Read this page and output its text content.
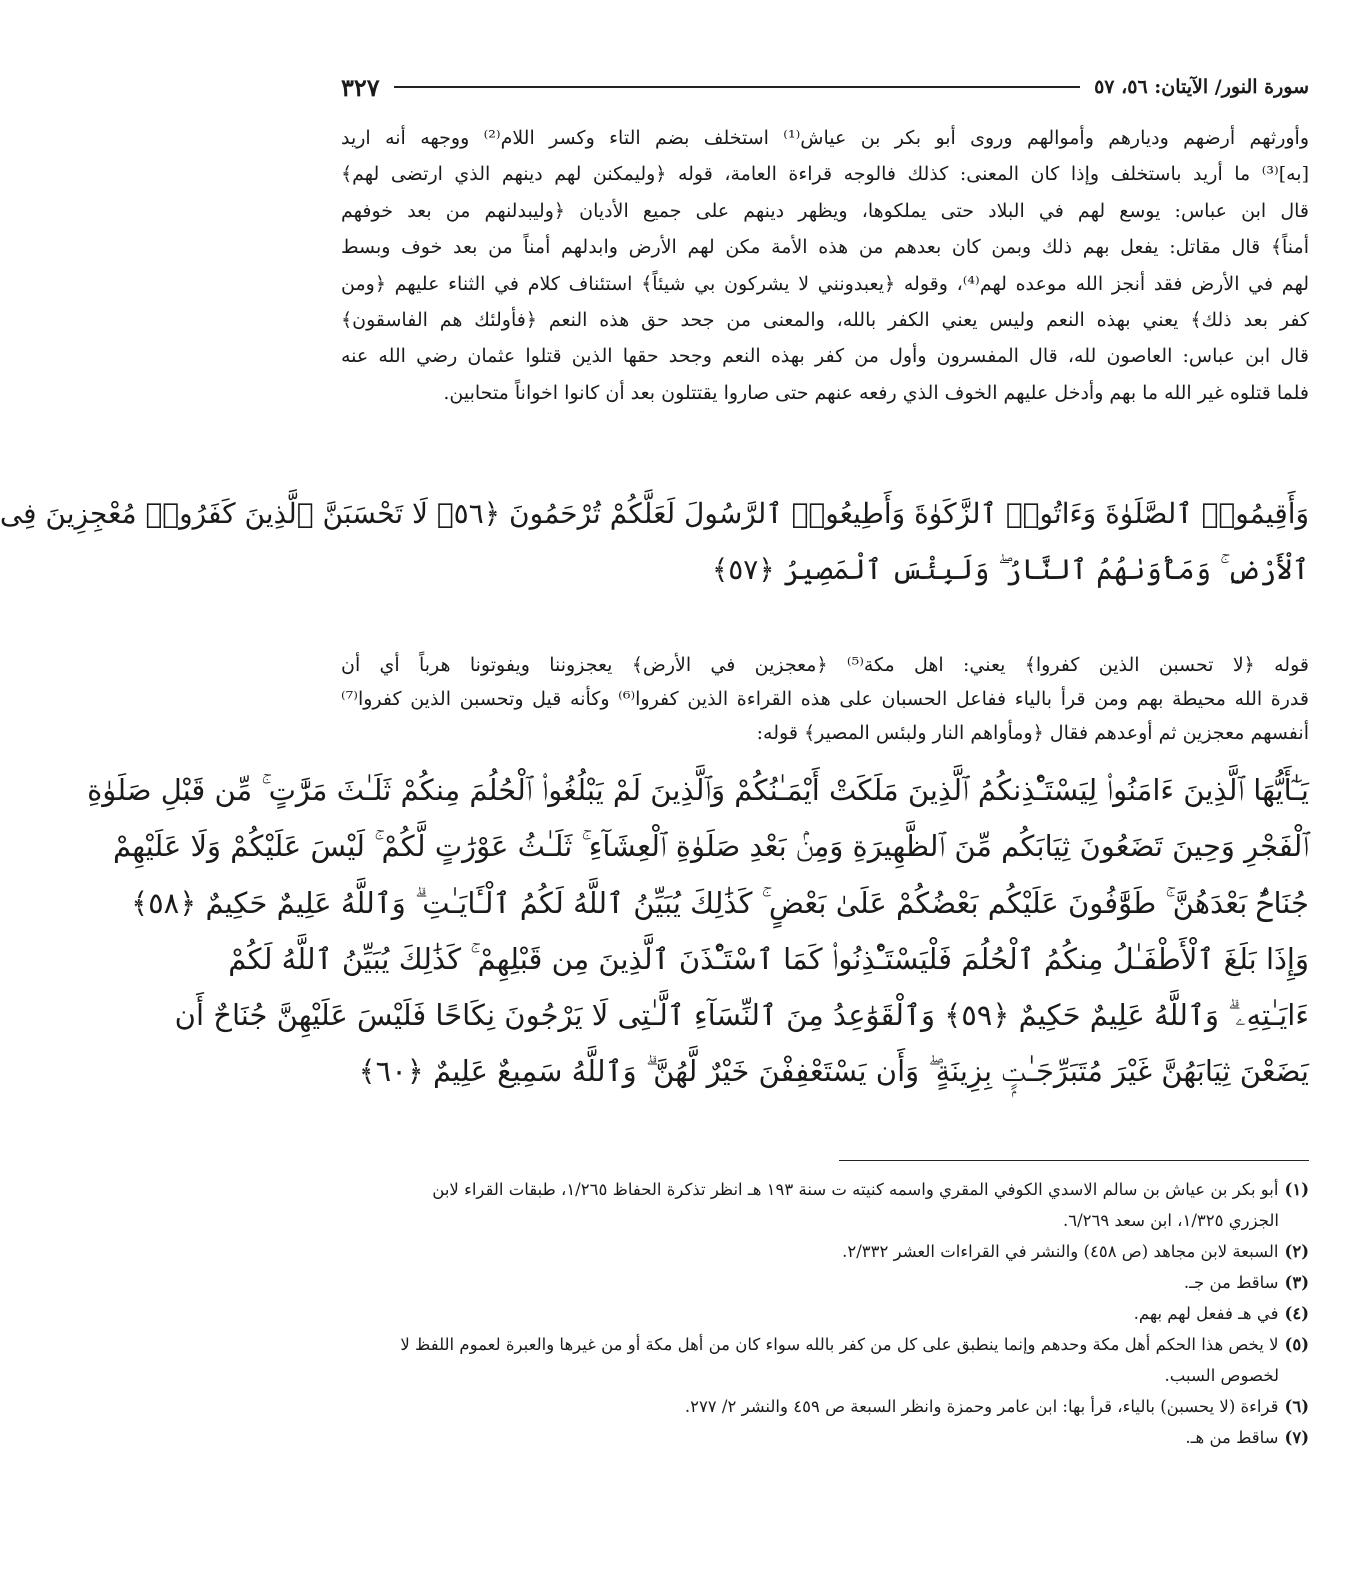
سورة النور/ الآيتان: ٥٦، ٥٧
٣٢٧
وأورثهم أرضهم وديارهم وأموالهم وروى أبو بكر بن عياش⁽¹⁾ استخلف بضم التاء وكسر اللام⁽²⁾ ووجهه أنه اريد
[به]⁽³⁾ ما أريد باستخلف وإذا كان المعنى: كذلك فالوجه قراءة العامة، قوله ﴿وليمكنن لهم دينهم الذي ارتضى لهم﴾
قال ابن عباس: يوسع لهم في البلاد حتى يملكوها، ويظهر دينهم على جميع الأديان ﴿وليبدلنهم من بعد خوفهم
أمناً﴾ قال مقاتل: يفعل بهم ذلك وبمن كان بعدهم من هذه الأمة مكن لهم الأرض وابدلهم أمناً من بعد خوف وبسط
لهم في الأرض فقد أنجز الله موعده لهم⁽⁴⁾، وقوله ﴿يعبدونني لا يشركون بي شيئاً﴾ استئناف كلام في الثناء عليهم ﴿ومن
كفر بعد ذلك﴾ يعني بهذه النعم وليس يعني الكفر بالله، والمعنى من جحد حق هذه النعم ﴿فأولئك هم الفاسقون﴾
قال ابن عباس: العاصون لله، قال المفسرون وأول من كفر بهذه النعم وجحد حقها الذين قتلوا عثمان رضي الله عنه
فلما قتلوه غير الله ما بهم وأدخل عليهم الخوف الذي رفعه عنهم حتى صاروا يقتتلون بعد أن كانوا اخواناً متحابين.
وَأَقِيمُوا۟ ٱلصَّلَوٰةَ وَءَاتُوا۟ ٱلزَّكَوٰةَ وَأَطِيعُوا۟ ٱلرَّسُولَ لَعَلَّكُمْ تُرْحَمُونَ ﴿٥٦﴾ لَا تَحْسَبَنَّ ٱلَّذِينَ كَفَرُوا۟ مُعْجِزِينَ فِى
ٱلْأَرْضِ ۚ وَمَأْوَىٰهُمُ ٱلنَّارُ ۖ وَلَبِئْسَ ٱلْمَصِيرُ ﴿٥٧﴾
قوله ﴿لا تحسبن الذين كفروا﴾ يعني: اهل مكة⁽⁵⁾ ﴿معجزين في الأرض﴾ يعجزوننا ويفوتونا هرباً أي أن
قدرة الله محيطة بهم ومن قرأ بالياء ففاعل الحسبان على هذه القراءة الذين كفروا⁽⁶⁾ وكأنه قيل وتحسبن الذين كفروا⁽⁷⁾
أنفسهم معجزين ثم أوعدهم فقال ﴿ومأواهم النار ولبئس المصير﴾ قوله:
يَـٰٓأَيُّهَا ٱلَّذِينَ ءَامَنُوا۟ لِيَسْتَـْٔذِنكُمُ ٱلَّذِينَ مَلَكَتْ أَيْمَـٰنُكُمْ وَٱلَّذِينَ لَمْ يَبْلُغُوا۟ ٱلْحُلُمَ مِنكُمْ ثَلَـٰثَ مَرَّٰتٍ ۚ مِّن قَبْلِ صَلَوٰةِ
ٱلْفَجْرِ وَحِينَ تَضَعُونَ ثِيَابَكُم مِّنَ ٱلظَّهِيرَةِ وَمِنۢ بَعْدِ صَلَوٰةِ ٱلْعِشَآءِ ۚ ثَلَـٰثُ عَوْرَٰتٍ لَّكُمْ ۚ لَيْسَ عَلَيْكُمْ وَلَا عَلَيْهِمْ
جُنَاحٌۢ بَعْدَهُنَّ ۚ طَوَّٰفُونَ عَلَيْكُم بَعْضُكُمْ عَلَىٰ بَعْضٍ ۚ كَذَٰلِكَ يُبَيِّنُ ٱللَّهُ لَكُمُ ٱلْـَٔايَـٰتِ ۗ وَٱللَّهُ عَلِيمٌ حَكِيمٌ ﴿٥٨﴾
وَإِذَا بَلَغَ ٱلْأَطْفَـٰلُ مِنكُمُ ٱلْحُلُمَ فَلْيَسْتَـْٔذِنُوا۟ كَمَا ٱسْتَـْٔذَنَ ٱلَّذِينَ مِن قَبْلِهِمْ ۚ كَذَٰلِكَ يُبَيِّنُ ٱللَّهُ لَكُمْ
ءَايَـٰتِهِۦ ۗ وَٱللَّهُ عَلِيمٌ حَكِيمٌ ﴿٥٩﴾ وَٱلْقَوَٰعِدُ مِنَ ٱلنِّسَآءِ ٱلَّـٰتِى لَا يَرْجُونَ نِكَاحًا فَلَيْسَ عَلَيْهِنَّ جُنَاحٌ أَن
يَضَعْنَ ثِيَابَهُنَّ غَيْرَ مُتَبَرِّجَـٰتٍۭ بِزِينَةٍ ۖ وَأَن يَسْتَعْفِفْنَ خَيْرٌ لَّهُنَّ ۗ وَٱللَّهُ سَمِيعٌ عَلِيمٌ ﴿٦٠﴾
(١)أبو بكر بن عياش بن سالم الاسدي الكوفي المقري واسمه كنيته ت سنة ١٩٣ هـ انظر تذكرة الحفاظ ١/٢٦٥، طبقات القراء لابن
الجزري ١/٣٢٥، ابن سعد ٦/٢٦٩.
(٢)السبعة لابن مجاهد (ص ٤٥٨) والنشر في القراءات العشر ٢/٣٣٢.
(٣)ساقط من جـ.
(٤)في هـ ففعل لهم بهم.
(٥)لا يخص هذا الحكم أهل مكة وحدهم وإنما ينطبق على كل من كفر بالله سواء كان من أهل مكة أو من غيرها والعبرة لعموم اللفظ لا
لخصوص السبب.
(٦)قراءة (لا يحسبن) بالياء، قرأ بها: ابن عامر وحمزة وانظر السبعة ص ٤٥٩ والنشر ٢/ ٢٧٧.
(٧)ساقط من هـ.
